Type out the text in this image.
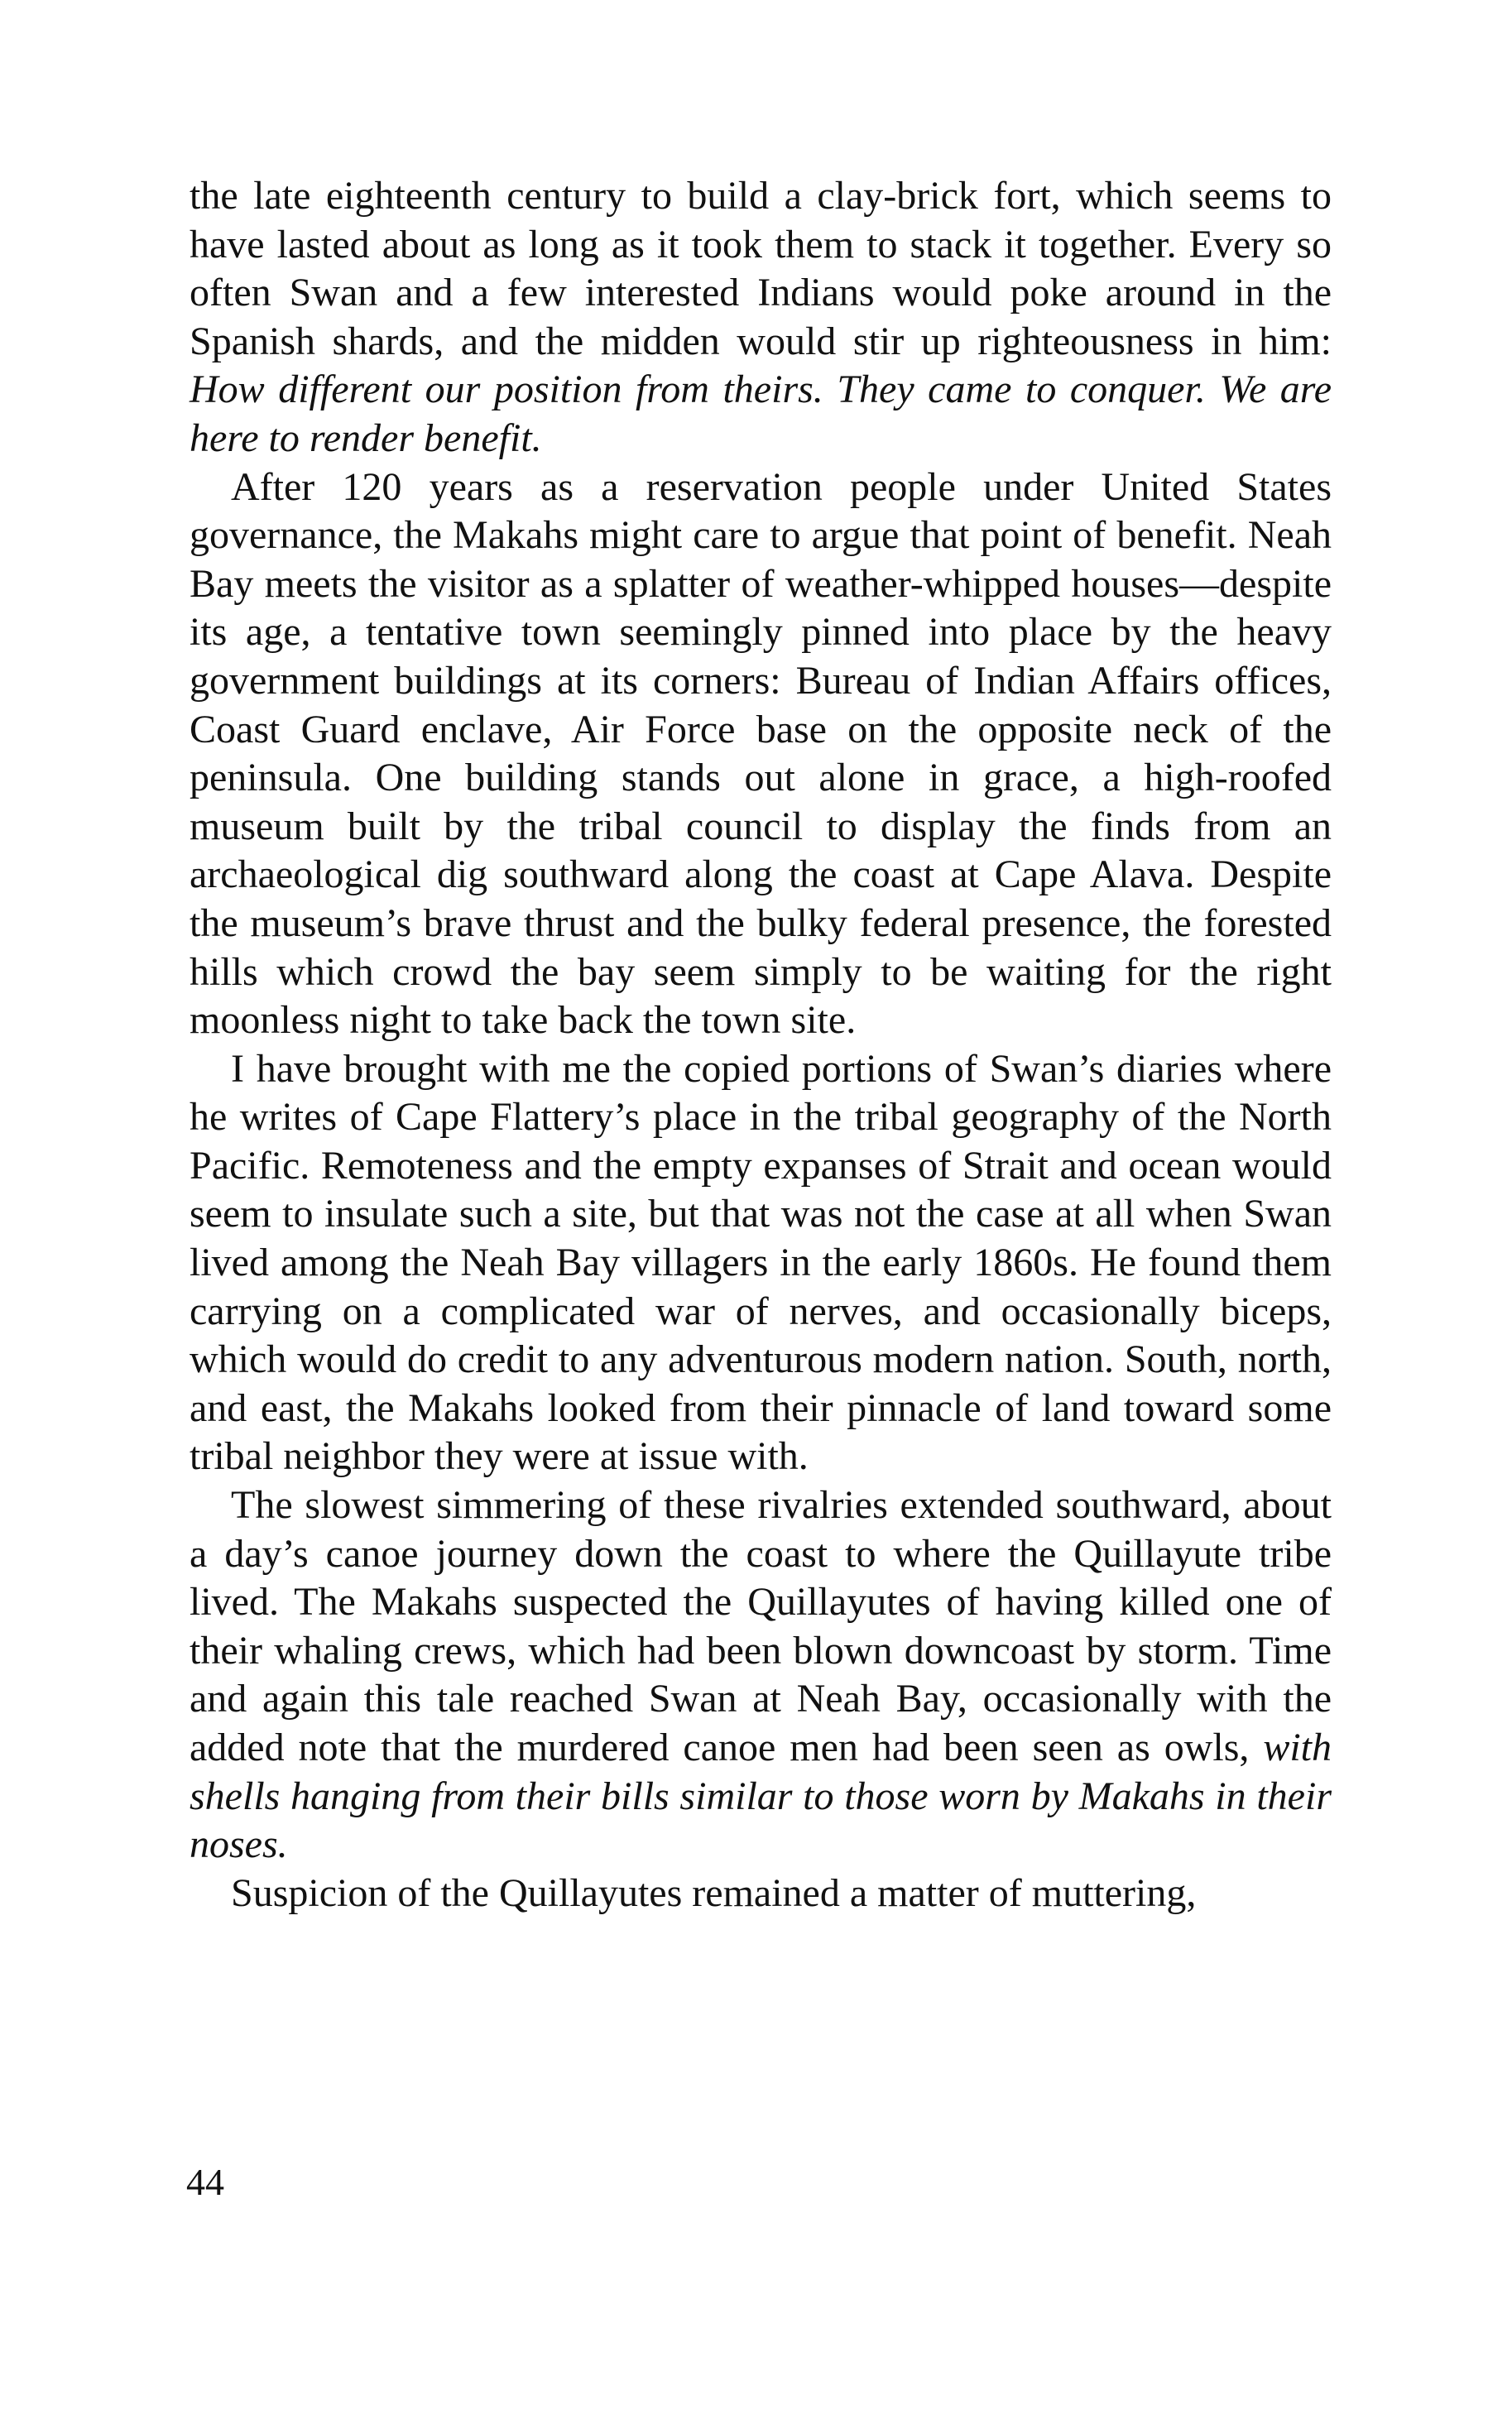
the late eighteenth century to build a clay-brick fort, which seems to have lasted about as long as it took them to stack it together. Every so often Swan and a few interested Indians would poke around in the Spanish shards, and the midden would stir up righteousness in him: How different our position from theirs. They came to conquer. We are here to render benefit.

After 120 years as a reservation people under United States governance, the Makahs might care to argue that point of benefit. Neah Bay meets the visitor as a splatter of weather-whipped houses—despite its age, a tentative town seemingly pinned into place by the heavy government buildings at its corners: Bureau of Indian Affairs offices, Coast Guard enclave, Air Force base on the opposite neck of the peninsula. One building stands out alone in grace, a high-roofed museum built by the tribal council to display the finds from an archaeological dig southward along the coast at Cape Alava. Despite the museum’s brave thrust and the bulky federal presence, the forested hills which crowd the bay seem simply to be waiting for the right moonless night to take back the town site.

I have brought with me the copied portions of Swan’s diaries where he writes of Cape Flattery’s place in the tribal geography of the North Pacific. Remoteness and the empty expanses of Strait and ocean would seem to insulate such a site, but that was not the case at all when Swan lived among the Neah Bay villagers in the early 1860s. He found them carrying on a complicated war of nerves, and occasionally biceps, which would do credit to any adventurous modern nation. South, north, and east, the Makahs looked from their pinnacle of land toward some tribal neighbor they were at issue with.

The slowest simmering of these rivalries extended southward, about a day’s canoe journey down the coast to where the Quillayute tribe lived. The Makahs suspected the Quillayutes of having killed one of their whaling crews, which had been blown downcoast by storm. Time and again this tale reached Swan at Neah Bay, occasionally with the added note that the murdered canoe men had been seen as owls, with shells hanging from their bills similar to those worn by Makahs in their noses.

Suspicion of the Quillayutes remained a matter of muttering,

44
